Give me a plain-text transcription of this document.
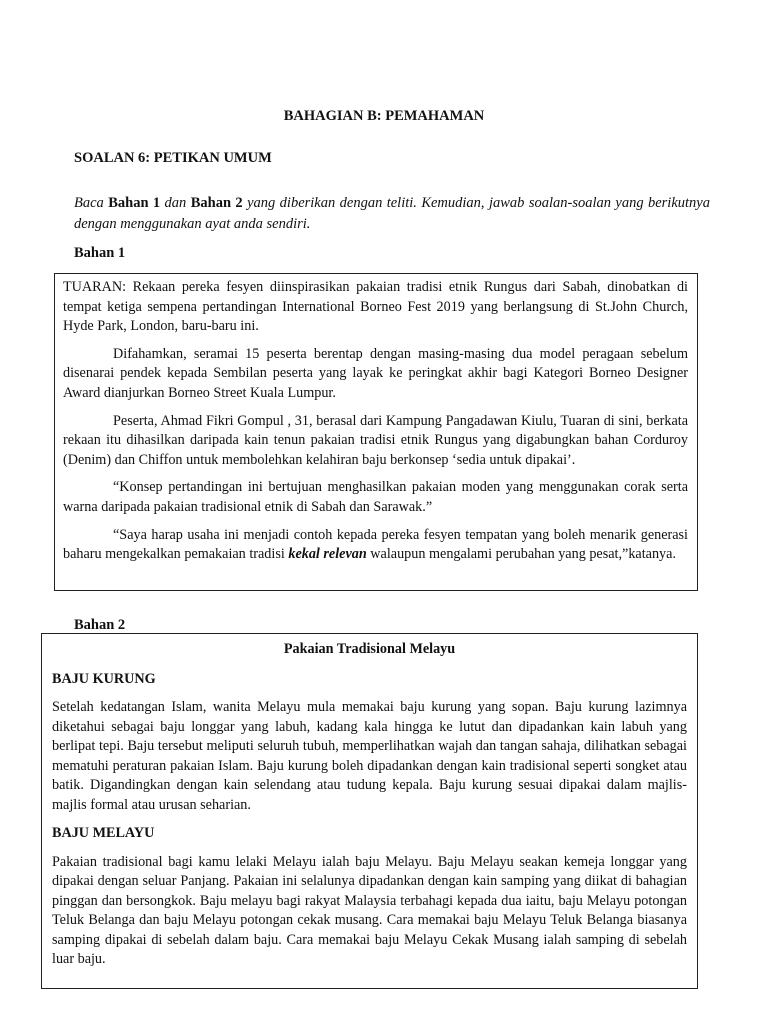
BAHAGIAN B: PEMAHAMAN
SOALAN 6: PETIKAN UMUM
Baca Bahan 1 dan Bahan 2 yang diberikan dengan teliti. Kemudian, jawab soalan-soalan yang berikutnya dengan menggunakan ayat anda sendiri.
Bahan 1

TUARAN: Rekaan pereka fesyen diinspirasikan pakaian tradisi etnik Rungus dari Sabah, dinobatkan di tempat ketiga sempena pertandingan International Borneo Fest 2019 yang berlangsung di St.John Church, Hyde Park, London, baru-baru ini.

Difahamkan, seramai 15 peserta berentap dengan masing-masing dua model peragaan sebelum disenarai pendek kepada Sembilan peserta yang layak ke peringkat akhir bagi Kategori Borneo Designer Award dianjurkan Borneo Street Kuala Lumpur.

Peserta, Ahmad Fikri Gompul , 31, berasal dari Kampung Pangadawan Kiulu, Tuaran di sini, berkata rekaan itu dihasilkan daripada kain tenun pakaian tradisi etnik Rungus yang digabungkan bahan Corduroy (Denim) dan Chiffon untuk membolehkan kelahiran baju berkonsep ‘sedia untuk dipakai’.

“Konsep pertandingan ini bertujuan menghasilkan pakaian moden yang menggunakan corak serta warna daripada pakaian tradisional etnik di Sabah dan Sarawak.”

“Saya harap usaha ini menjadi contoh kepada pereka fesyen tempatan yang boleh menarik generasi baharu mengekalkan pemakaian tradisi kekal relevan walaupun mengalami perubahan yang pesat,”katanya.

Bahan 2
Pakaian Tradisional Melayu
BAJU KURUNG

Setelah kedatangan Islam, wanita Melayu mula memakai baju kurung yang sopan. Baju kurung lazimnya diketahui sebagai baju longgar yang labuh, kadang kala hingga ke lutut dan dipadankan kain labuh yang berlipat tepi. Baju tersebut meliputi seluruh tubuh, memperlihatkan wajah dan tangan sahaja, dilihatkan sebagai mematuhi peraturan pakaian Islam. Baju kurung boleh dipadankan dengan kain tradisional seperti songket atau batik. Digandingkan dengan kain selendang atau tudung kepala. Baju kurung sesuai dipakai dalam majlis-majlis formal atau urusan seharian.

BAJU MELAYU

Pakaian tradisional bagi kamu lelaki Melayu ialah baju Melayu. Baju Melayu seakan kemeja longgar yang dipakai dengan seluar Panjang. Pakaian ini selalunya dipadankan dengan kain samping yang diikat di bahagian pinggan dan bersongkok. Baju melayu bagi rakyat Malaysia terbahagi kepada dua iaitu, baju Melayu potongan Teluk Belanga dan baju Melayu potongan cekak musang. Cara memakai baju Melayu Teluk Belanga biasanya samping dipakai di sebelah dalam baju. Cara memakai baju Melayu Cekak Musang ialah samping di sebelah luar baju.
